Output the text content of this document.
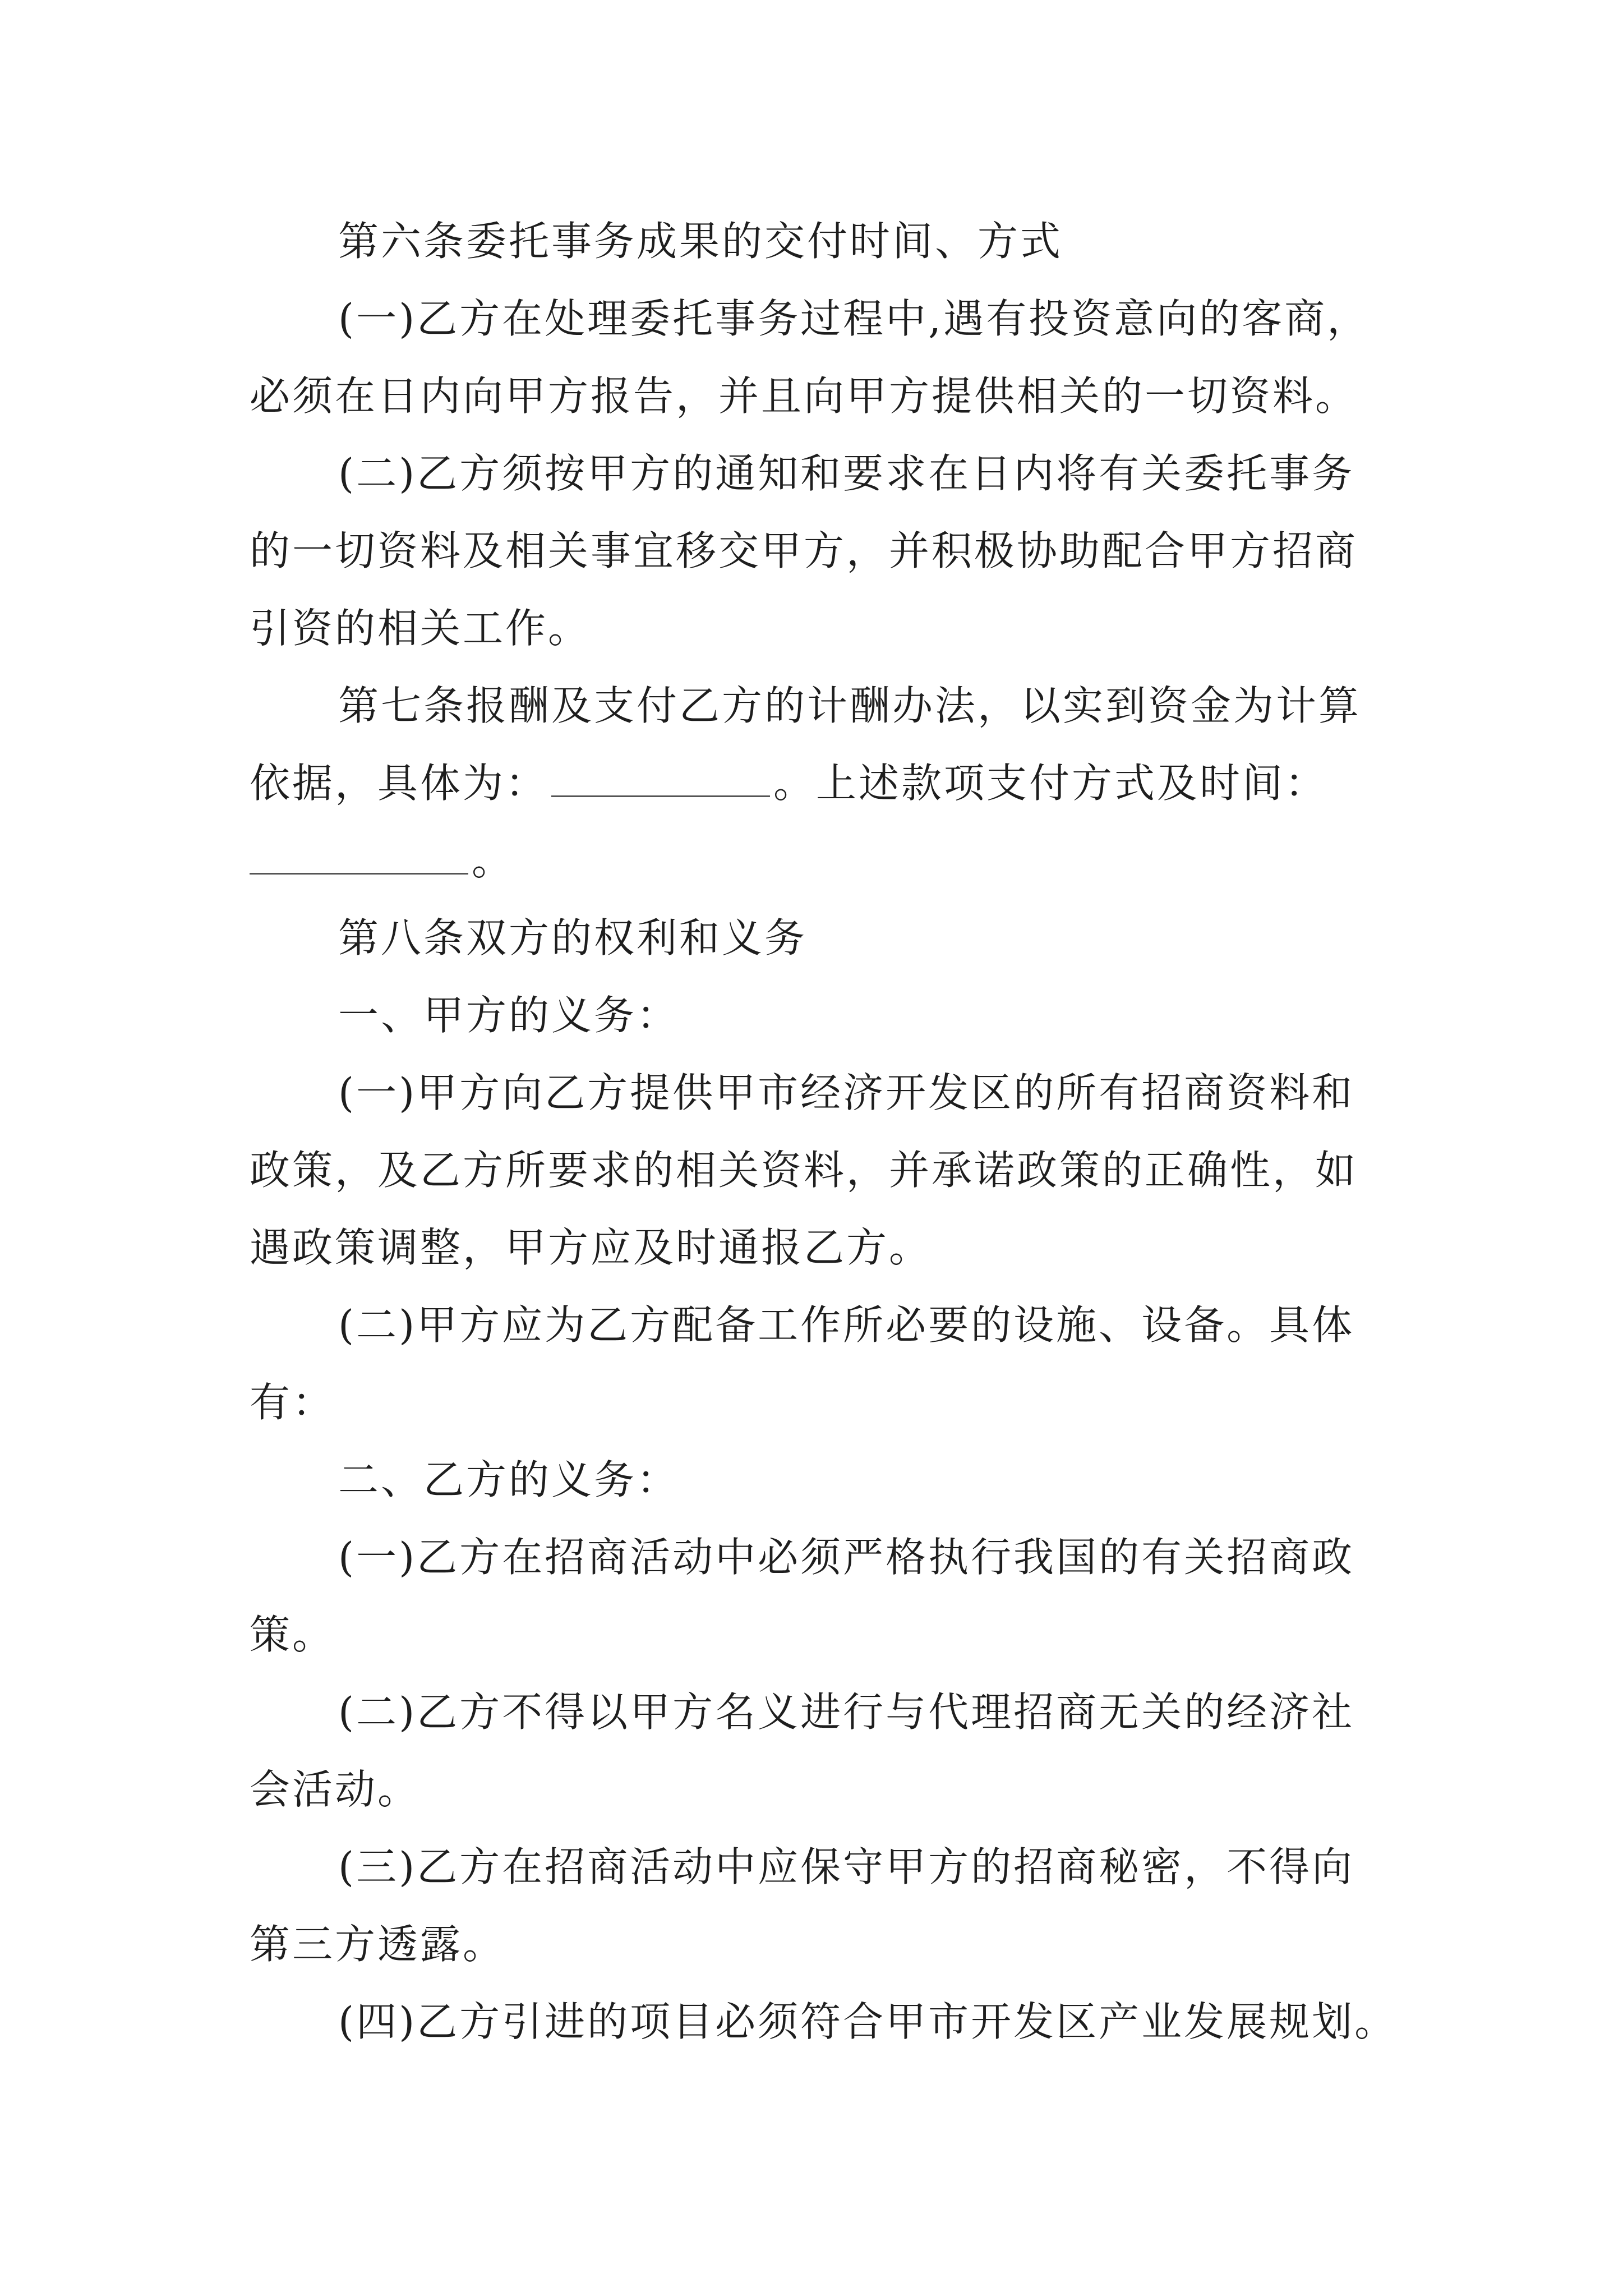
第六条委托事务成果的交付时间、方式

(一)乙方在处理委托事务过程中,遇有投资意向的客商，

必须在日内向甲方报告，并且向甲方提供相关的一切资料。

(二)乙方须按甲方的通知和要求在日内将有关委托事务

的一切资料及相关事宜移交甲方，并积极协助配合甲方招商

引资的相关工作。

第七条报酬及支付乙方的计酬办法，以实到资金为计算

依据，具体为：	。上述款项支付方式及时间：

。

第八条双方的权利和义务

一、甲方的义务：

(一)甲方向乙方提供甲市经济开发区的所有招商资料和

政策，及乙方所要求的相关资料，并承诺政策的正确性，如

遇政策调整，甲方应及时通报乙方。

(二)甲方应为乙方配备工作所必要的设施、设备。具体

有：

二、乙方的义务：

(一)乙方在招商活动中必须严格执行我国的有关招商政

策。

(二)乙方不得以甲方名义进行与代理招商无关的经济社

会活动。

(三)乙方在招商活动中应保守甲方的招商秘密，不得向

第三方透露。

(四)乙方引进的项目必须符合甲市开发区产业发展规划。
